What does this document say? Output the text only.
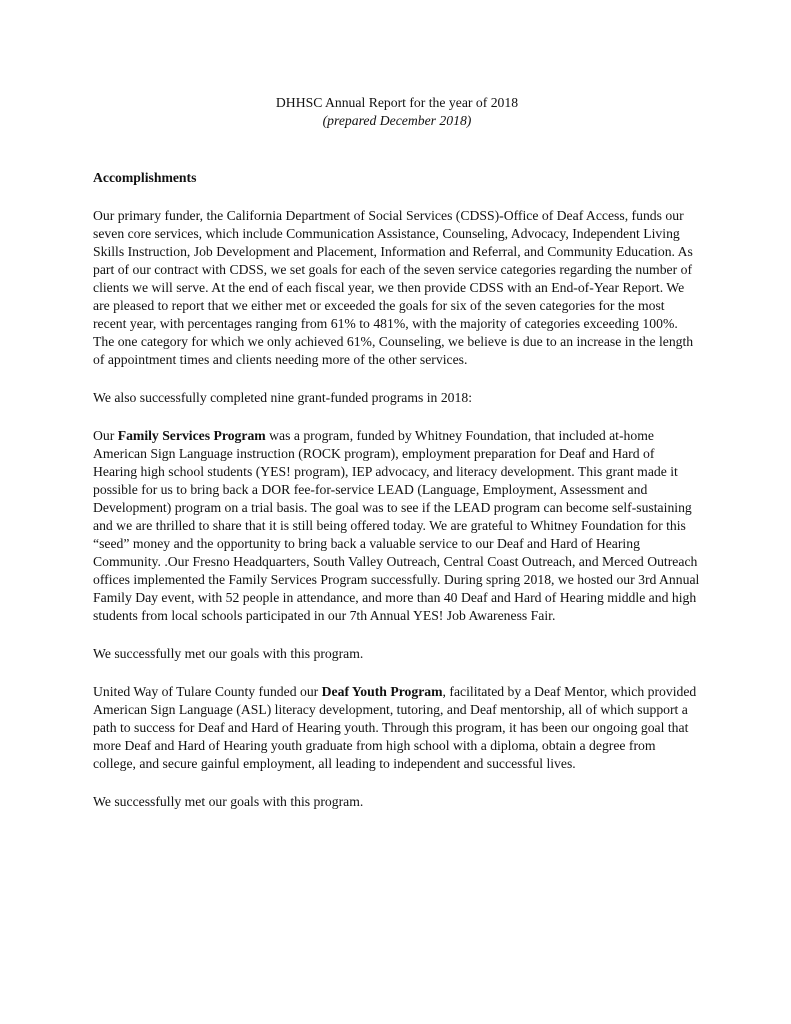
DHHSC Annual Report for the year of 2018
(prepared December 2018)
Accomplishments

Our primary funder, the California Department of Social Services (CDSS)-Office of Deaf Access, funds our seven core services, which include Communication Assistance, Counseling, Advocacy, Independent Living Skills Instruction, Job Development and Placement, Information and Referral, and Community Education. As part of our contract with CDSS, we set goals for each of the seven service categories regarding the number of clients we will serve. At the end of each fiscal year, we then provide CDSS with an End-of-Year Report. We are pleased to report that we either met or exceeded the goals for six of the seven categories for the most recent year, with percentages ranging from 61% to 481%, with the majority of categories exceeding 100%. The one category for which we only achieved 61%, Counseling, we believe is due to an increase in the length of appointment times and clients needing more of the other services.

We also successfully completed nine grant-funded programs in 2018:

Our Family Services Program was a program, funded by Whitney Foundation, that included at-home American Sign Language instruction (ROCK program), employment preparation for Deaf and Hard of Hearing high school students (YES! program), IEP advocacy, and literacy development. This grant made it possible for us to bring back a DOR fee-for-service LEAD (Language, Employment, Assessment and Development) program on a trial basis. The goal was to see if the LEAD program can become self-sustaining and we are thrilled to share that it is still being offered today. We are grateful to Whitney Foundation for this “seed” money and the opportunity to bring back a valuable service to our Deaf and Hard of Hearing Community. .Our Fresno Headquarters, South Valley Outreach, Central Coast Outreach, and Merced Outreach offices implemented the Family Services Program successfully. During spring 2018, we hosted our 3rd Annual Family Day event, with 52 people in attendance, and more than 40 Deaf and Hard of Hearing middle and high students from local schools participated in our 7th Annual YES! Job Awareness Fair.

We successfully met our goals with this program.

United Way of Tulare County funded our Deaf Youth Program, facilitated by a Deaf Mentor, which provided American Sign Language (ASL) literacy development, tutoring, and Deaf mentorship, all of which support a path to success for Deaf and Hard of Hearing youth. Through this program, it has been our ongoing goal that more Deaf and Hard of Hearing youth graduate from high school with a diploma, obtain a degree from college, and secure gainful employment, all leading to independent and successful lives.

We successfully met our goals with this program.
